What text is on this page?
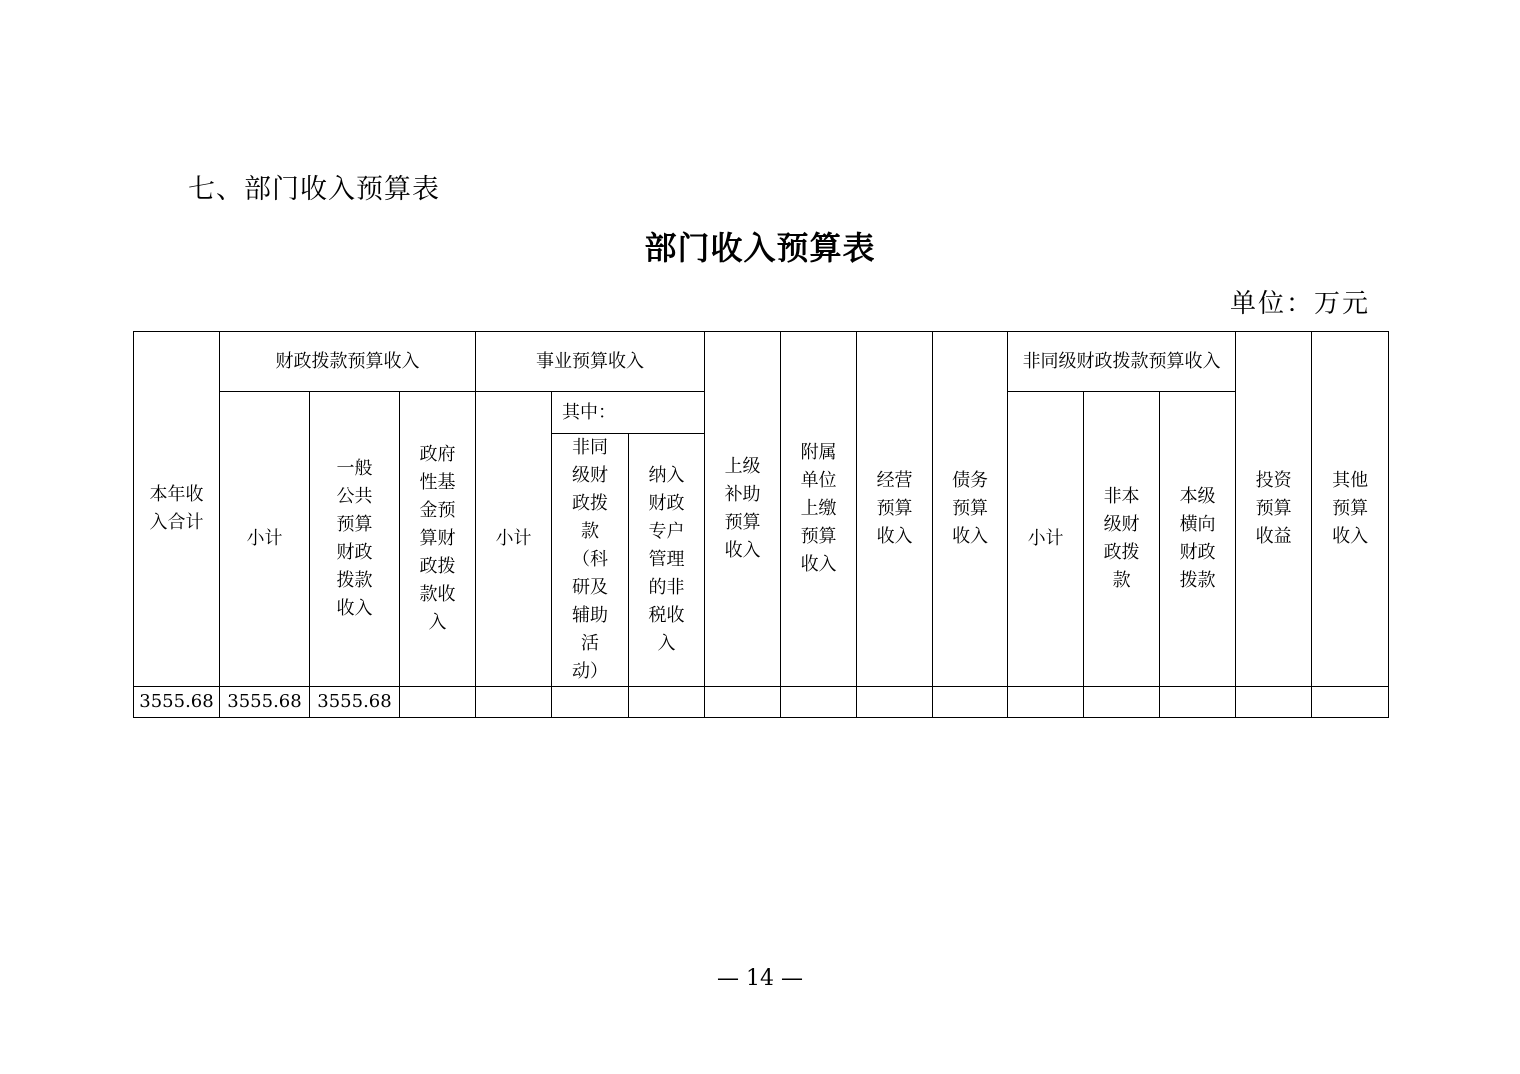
七、部门收入预算表
部门收入预算表
单位：万元
本年收入合计	财政拨款预算收入			事业预算收入			上级补助预算收入	附属单位上缴预算收入	经营预算收入	债务预算收入	非同级财政拨款预算收入			投资预算收益	其他预算收入
	小计	一般公共预算财政拨款收入	政府性基金预算财政拨款收入	小计	其中：						小计	非本级财政拨款	本级横向财政拨款		
					非同级财政拨款（科研及辅助活动）	纳入财政专户管理的非税收入									
3555.68	3555.68	3555.68													
— 14 —
